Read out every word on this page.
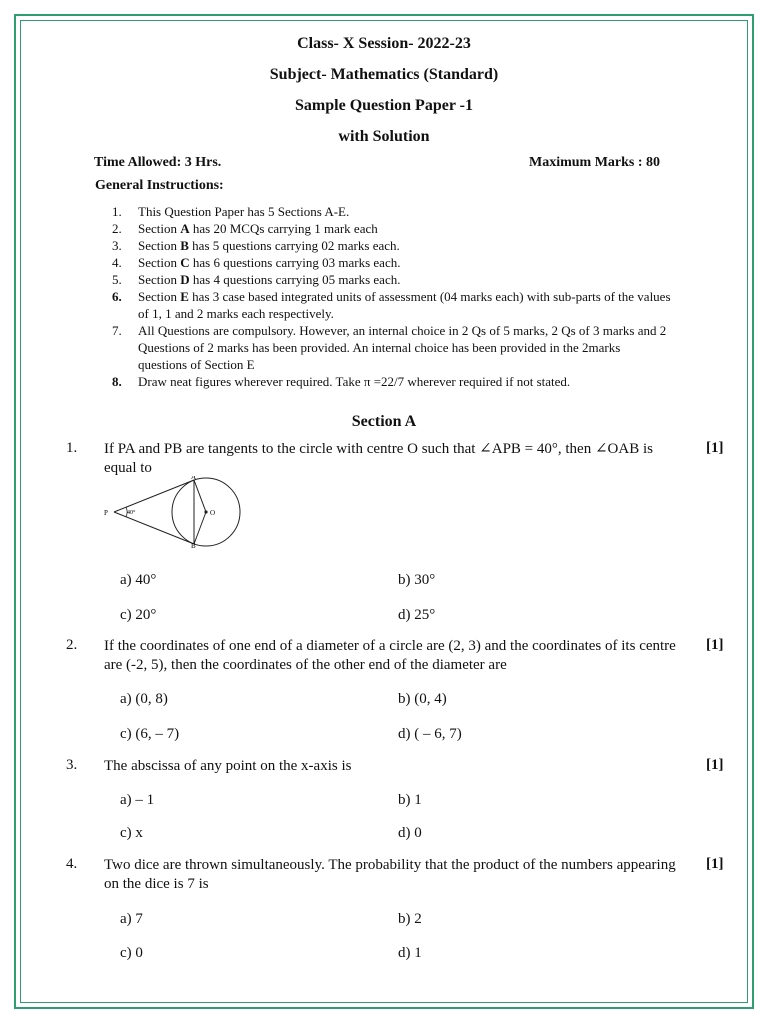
Class- X Session- 2022-23
Subject- Mathematics (Standard)
Sample Question Paper -1
with Solution
Time Allowed: 3 Hrs.	Maximum Marks : 80
General Instructions:
1.	This Question Paper has 5 Sections A-E.
2.	Section A has 20 MCQs carrying 1 mark each
3.	Section B has 5 questions carrying 02 marks each.
4.	Section C has 6 questions carrying 03 marks each.
5.	Section D has 4 questions carrying 05 marks each.
6.	Section E has 3 case based integrated units of assessment (04 marks each) with sub-parts of the values of 1, 1 and 2 marks each respectively.
7.	All Questions are compulsory. However, an internal choice in 2 Qs of 5 marks, 2 Qs of 3 marks and 2 Questions of 2 marks has been provided. An internal choice has been provided in the 2marks questions of Section E
8.	Draw neat figures wherever required. Take π =22/7 wherever required if not stated.
Section A
1. If PA and PB are tangents to the circle with centre O such that ∠APB = 40°, then ∠OAB is equal to
[1]
P
A
B
O
40°
a) 40°	b) 30°
c) 20°	d) 25°
2. If the coordinates of one end of a diameter of a circle are (2, 3) and the coordinates of its centre are (-2, 5), then the coordinates of the other end of the diameter are
[1]
a) (0, 8)	b) (0, 4)
c) (6, – 7)	d) ( – 6, 7)
3. The abscissa of any point on the x-axis is	[1]
a) – 1	b) 1
c) x	d) 0
4. Two dice are thrown simultaneously. The probability that the product of the numbers appearing on the dice is 7 is
[1]
a) 7	b) 2
c) 0	d) 1
